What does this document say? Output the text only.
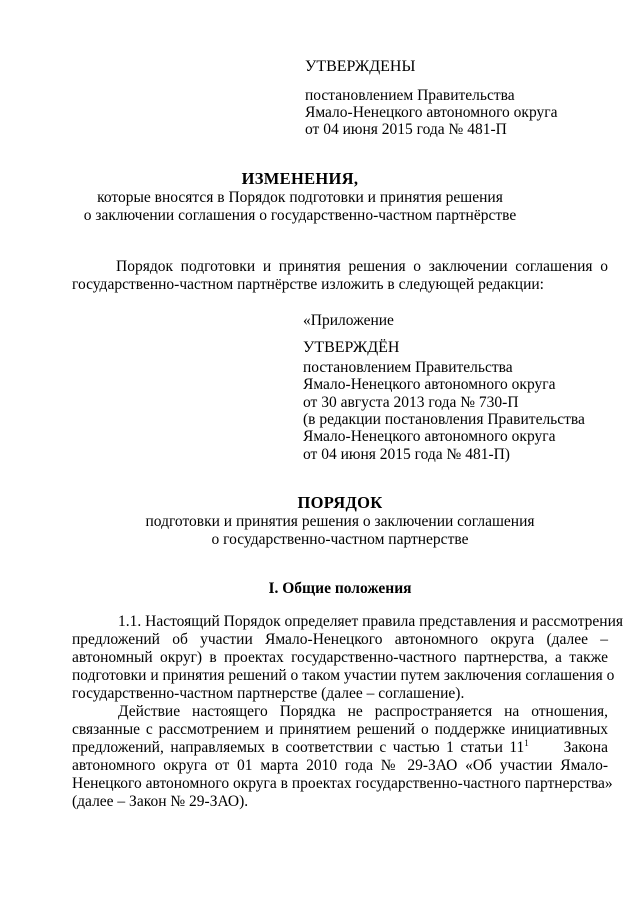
УТВЕРЖДЕНЫ
постановлением Правительства
Ямало-Ненецкого автономного округа
от 04 июня 2015 года № 481-П
ИЗМЕНЕНИЯ,
которые вносятся в Порядок подготовки и принятия решения
о заключении соглашения о государственно-частном партнёрстве
Порядок подготовки и принятия решения о заключении соглашения о
государственно-частном партнёрстве изложить в следующей редакции:
«Приложение
УТВЕРЖДЁН
постановлением Правительства
Ямало-Ненецкого автономного округа
от 30 августа 2013 года № 730-П
(в редакции постановления Правительства
Ямало-Ненецкого автономного округа
от 04 июня 2015 года № 481-П)
ПОРЯДОК
подготовки и принятия решения о заключении соглашения
о государственно-частном партнерстве
I. Общие положения
1.1. Настоящий Порядок определяет правила представления и рассмотрения
предложений об участии Ямало-Ненецкого автономного округа (далее –
автономный округ) в проектах государственно-частного партнерства, а также
подготовки и принятия решений о таком участии путем заключения соглашения о
государственно-частном партнерстве (далее – соглашение).
Действие настоящего Порядка не распространяется на отношения,
связанные с рассмотрением и принятием решений о поддержке инициативных
предложений, направляемых в соответствии с частью 1 статьи $11^1$ Закона
автономного округа от 01 марта 2010 года № 29-ЗАО «Об участии Ямало-
Ненецкого автономного округа в проектах государственно-частного партнерства»
(далее – Закон № 29-ЗАО).
